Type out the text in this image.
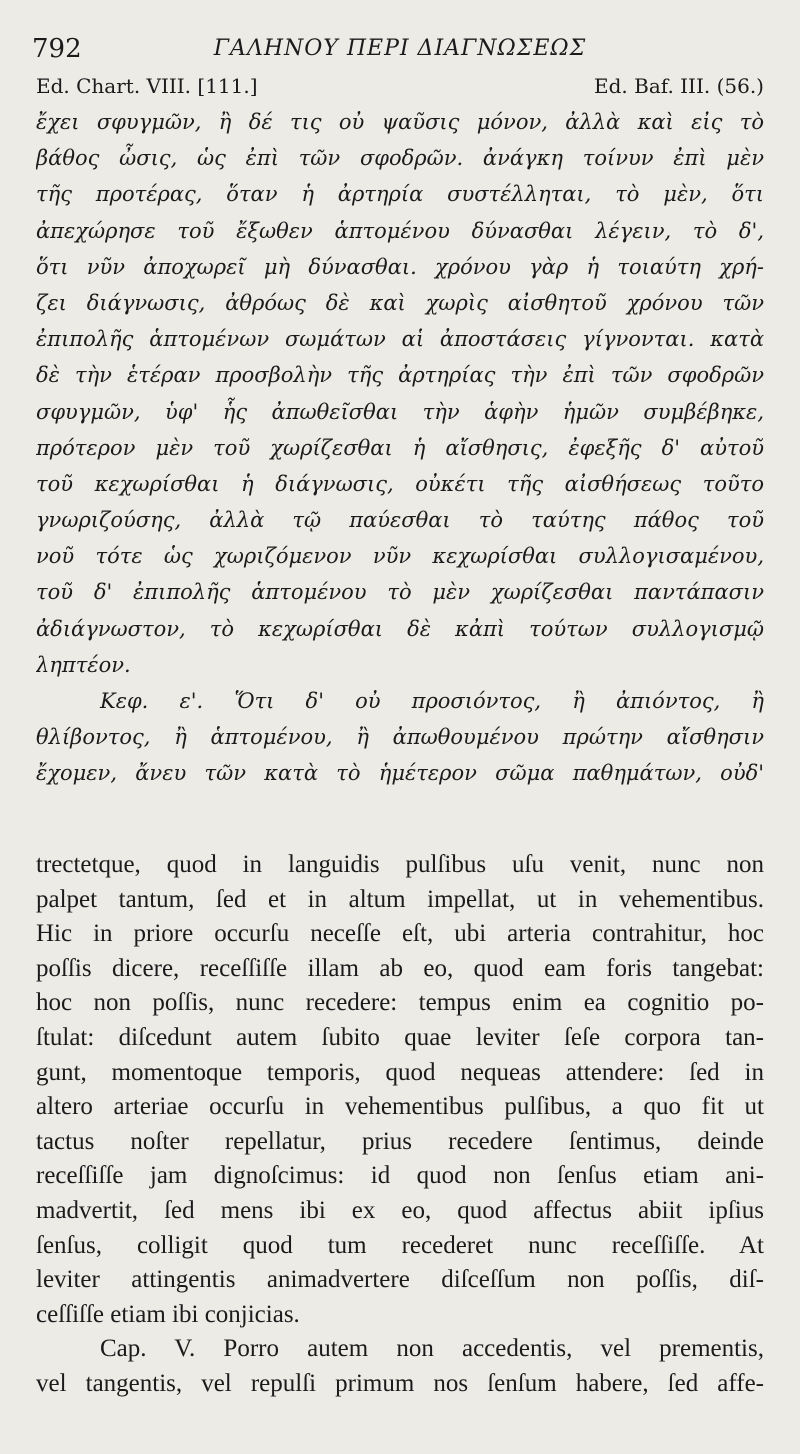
792	ΓΑΛΗΝΟΥ ΠΕΡΙ ΔΙΑΓΝΩΣΕΩΣ
Ed. Chart. VIII. [111.]	Ed. Baf. III. (56.)
ἔχει σφυγμῶν, ἢ δέ τις οὐ ψαῦσις μόνον, ἀλλὰ καὶ εἰς τὸ
βάθος ὦσις, ὡς ἐπὶ τῶν σφοδρῶν. ἀνάγκη τοίνυν ἐπὶ μὲν
τῆς προτέρας, ὅταν ἡ ἀρτηρία συστέλληται, τὸ μὲν, ὅτι
ἀπεχώρησε τοῦ ἔξωθεν ἁπτομένου δύνασθαι λέγειν, τὸ δ',
ὅτι νῦν ἀποχωρεῖ μὴ δύνασθαι. χρόνου γὰρ ἡ τοιαύτη χρή-
ζει διάγνωσις, ἀθρόως δὲ καὶ χωρὶς αἰσθητοῦ χρόνου τῶν
ἐπιπολῆς ἁπτομένων σωμάτων αἱ ἀποστάσεις γίγνονται. κατὰ
δὲ τὴν ἑτέραν προσβολὴν τῆς ἀρτηρίας τὴν ἐπὶ τῶν σφοδρῶν
σφυγμῶν, ὑφ' ἧς ἀπωθεῖσθαι τὴν ἁφὴν ἡμῶν συμβέβηκε,
πρότερον μὲν τοῦ χωρίζεσθαι ἡ αἴσθησις, ἐφεξῆς δ' αὐτοῦ
τοῦ κεχωρίσθαι ἡ διάγνωσις, οὐκέτι τῆς αἰσθήσεως τοῦτο
γνωριζούσης, ἀλλὰ τῷ παύεσθαι τὸ ταύτης πάθος τοῦ
νοῦ τότε ὡς χωριζόμενον νῦν κεχωρίσθαι συλλογισαμένου,
τοῦ δ' ἐπιπολῆς ἁπτομένου τὸ μὲν χωρίζεσθαι παντάπασιν
ἀδιάγνωστον, τὸ κεχωρίσθαι δὲ κἀπὶ τούτων συλλογισμῷ
ληπτέον.
Κεφ. ε'. Ὅτι δ' οὐ προσιόντος, ἢ ἀπιόντος, ἢ
θλίβοντος, ἢ ἁπτομένου, ἢ ἀπωθουμένου πρώτην αἴσθησιν
ἔχομεν, ἄνευ τῶν κατὰ τὸ ἡμέτερον σῶμα παθημάτων, οὐδ'
trectetque, quod in languidis pulſibus uſu venit, nunc non
palpet tantum, ſed et in altum impellat, ut in vehementibus.
Hic in priore occurſu neceſſe eſt, ubi arteria contrahitur, hoc
poſſis dicere, receſſiſſe illam ab eo, quod eam foris tangebat:
hoc non poſſis, nunc recedere: tempus enim ea cognitio po-
ſtulat: diſcedunt autem ſubito quae leviter ſeſe corpora tan-
gunt, momentoque temporis, quod nequeas attendere: ſed in
altero arteriae occurſu in vehementibus pulſibus, a quo fit ut
tactus noſter repellatur, prius recedere ſentimus, deinde
receſſiſſe jam dignoſcimus: id quod non ſenſus etiam ani-
madvertit, ſed mens ibi ex eo, quod affectus abiit ipſius
ſenſus, colligit quod tum recederet nunc receſſiſſe. At
leviter attingentis animadvertere diſceſſum non poſſis, diſ-
ceſſiſſe etiam ibi conjicias.
Cap. V. Porro autem non accedentis, vel prementis,
vel tangentis, vel repulſi primum nos ſenſum habere, ſed affe-
